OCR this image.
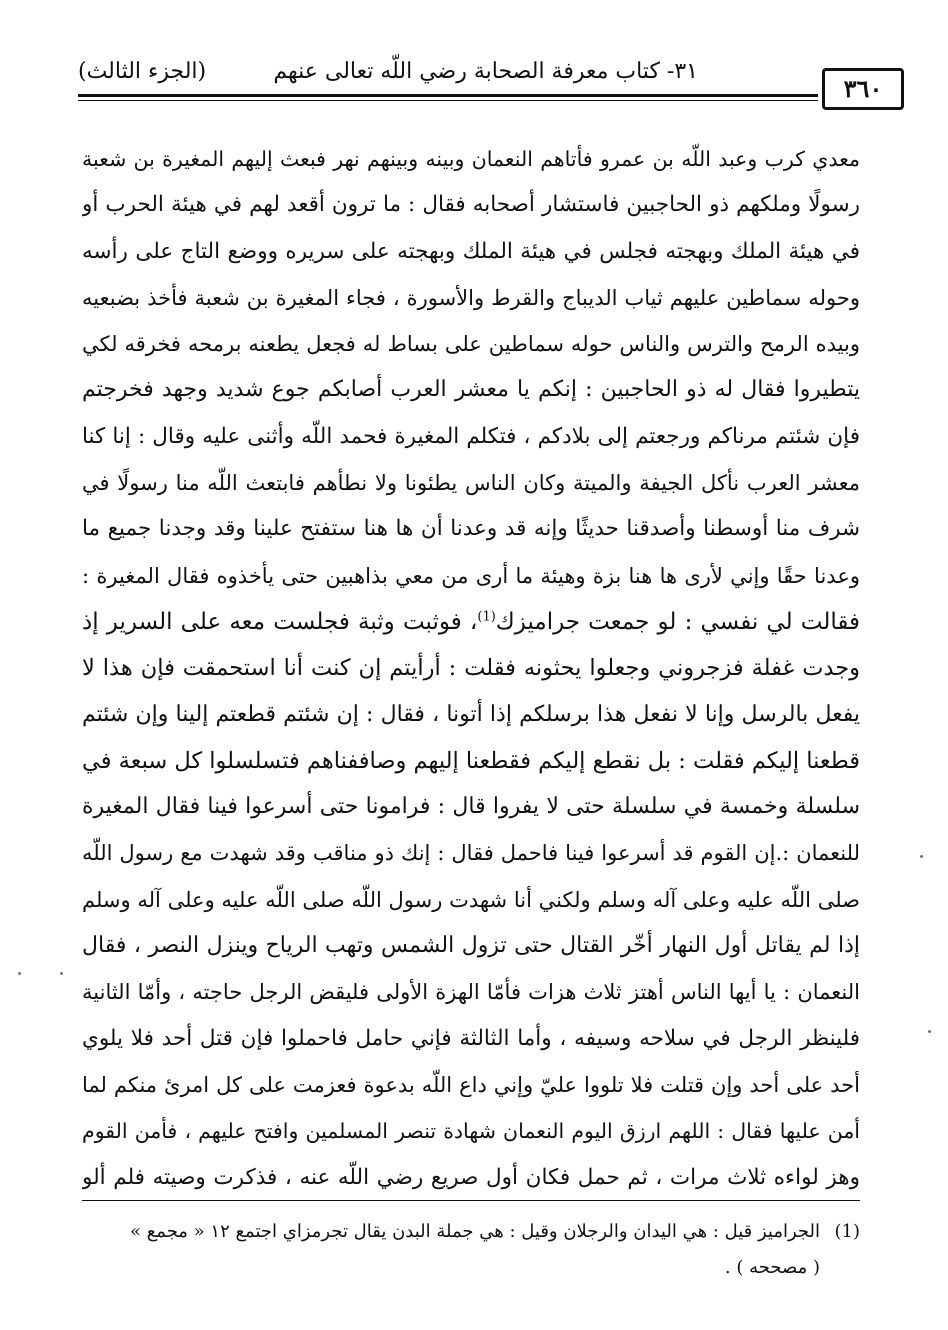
٣٦٠
٣١- كتاب معرفة الصحابة رضي اللّه تعالى عنهم
(الجزء الثالث)
معدي كرب وعبد اللّه بن عمرو فأتاهم النعمان وبينه وبينهم نهر فبعث إليهم المغيرة بن شعبة
رسولًا وملكهم ذو الحاجبين فاستشار أصحابه فقال : ما ترون أقعد لهم في هيئة الحرب أو
في هيئة الملك وبهجته فجلس في هيئة الملك وبهجته على سريره ووضع التاج على رأسه
وحوله سماطين عليهم ثياب الديباج والقرط والأسورة ، فجاء المغيرة بن شعبة فأخذ بضبعيه
وبيده الرمح والترس والناس حوله سماطين على بساط له فجعل يطعنه برمحه فخرقه لكي
يتطيروا فقال له ذو الحاجبين : إنكم يا معشر العرب أصابكم جوع شديد وجهد فخرجتم
فإن شئتم مرناكم ورجعتم إلى بلادكم ، فتكلم المغيرة فحمد اللّه وأثنى عليه وقال : إنا كنا
معشر العرب نأكل الجيفة والميتة وكان الناس يطئونا ولا نطأهم فابتعث اللّه منا رسولًا في
شرف منا أوسطنا وأصدقنا حديثًا وإنه قد وعدنا أن ها هنا ستفتح علينا وقد وجدنا جميع ما
وعدنا حقًا وإني لأرى ها هنا بزة وهيئة ما أرى من معي بذاهبين حتى يأخذوه فقال المغيرة :
فقالت لي نفسي : لو جمعت جراميزك$^{(1)}$، فوثبت وثبة فجلست معه على السرير إذ
وجدت غفلة فزجروني وجعلوا يحثونه فقلت : أرأيتم إن كنت أنا استحمقت فإن هذا لا
يفعل بالرسل وإنا لا نفعل هذا برسلكم إذا أتونا ، فقال : إن شئتم قطعتم إلينا وإن شئتم
قطعنا إليكم فقلت : بل نقطع إليكم فقطعنا إليهم وصاففناهم فتسلسلوا كل سبعة في
سلسلة وخمسة في سلسلة حتى لا يفروا قال : فرامونا حتى أسرعوا فينا فقال المغيرة
للنعمان :.إن القوم قد أسرعوا فينا فاحمل فقال : إنك ذو مناقب وقد شهدت مع رسول اللّه
صلى اللّه عليه وعلى آله وسلم ولكني أنا شهدت رسول اللّه صلى اللّه عليه وعلى آله وسلم
إذا لم يقاتل أول النهار أخّر القتال حتى تزول الشمس وتهب الرياح وينزل النصر ، فقال
النعمان : يا أيها الناس أهتز ثلاث هزات فأمّا الهزة الأولى فليقض الرجل حاجته ، وأمّا الثانية
فلينظر الرجل في سلاحه وسيفه ، وأما الثالثة فإني حامل فاحملوا فإن قتل أحد فلا يلوي
أحد على أحد وإن قتلت فلا تلووا عليّ وإني داع اللّه بدعوة فعزمت على كل امرئ منكم لما
أمن عليها فقال : اللهم ارزق اليوم النعمان شهادة تنصر المسلمين وافتح عليهم ، فأمن القوم
وهز لواءه ثلاث مرات ، ثم حمل فكان أول صريع رضي اللّه عنه ، فذكرت وصيته فلم ألو
(1)الجراميز قيل : هي اليدان والرجلان وقيل : هي جملة البدن يقال تجرمزاي اجتمع ١٢ « مجمع »
( مصححه ) .
